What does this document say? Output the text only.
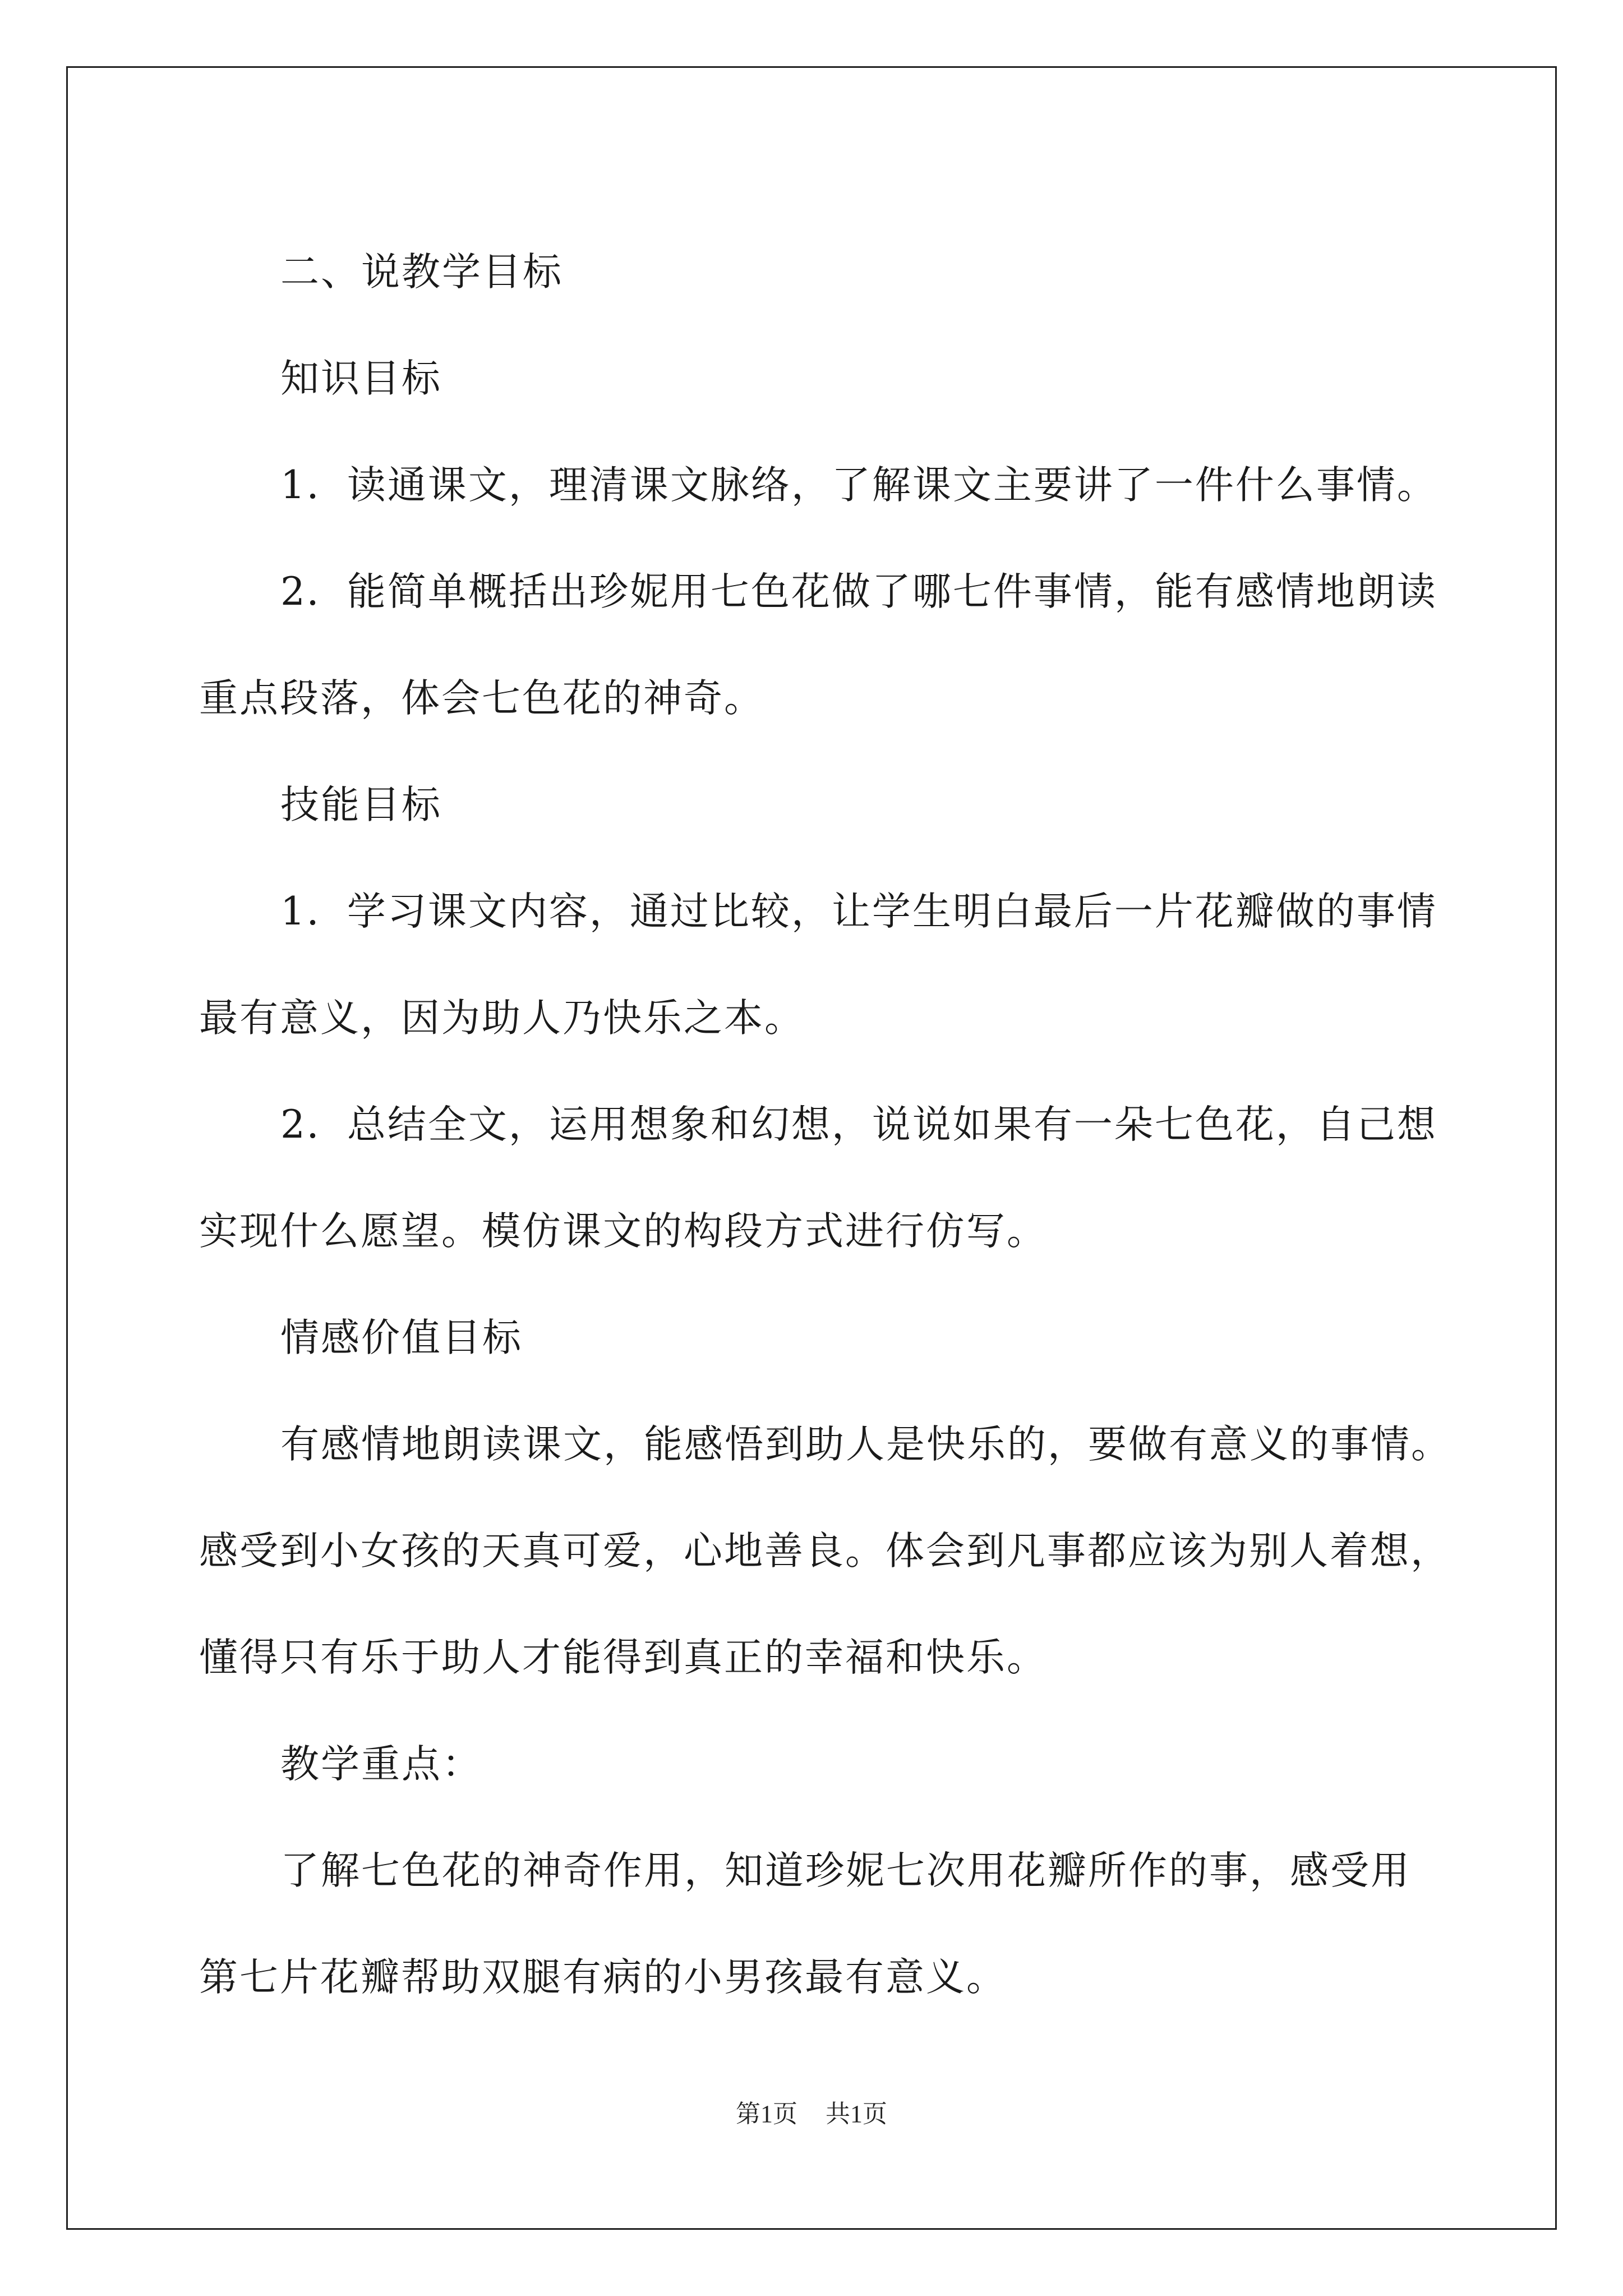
二、说教学目标

知识目标

1．读通课文，理清课文脉络，了解课文主要讲了一件什么事情。

2．能简单概括出珍妮用七色花做了哪七件事情，能有感情地朗读

重点段落，体会七色花的神奇。

技能目标

1．学习课文内容，通过比较，让学生明白最后一片花瓣做的事情

最有意义，因为助人乃快乐之本。

2．总结全文，运用想象和幻想，说说如果有一朵七色花，自己想

实现什么愿望。模仿课文的构段方式进行仿写。

情感价值目标

有感情地朗读课文，能感悟到助人是快乐的，要做有意义的事情。

感受到小女孩的天真可爱，心地善良。体会到凡事都应该为别人着想，

懂得只有乐于助人才能得到真正的幸福和快乐。

教学重点：

了解七色花的神奇作用，知道珍妮七次用花瓣所作的事，感受用

第七片花瓣帮助双腿有病的小男孩最有意义。

第1页 共1页
